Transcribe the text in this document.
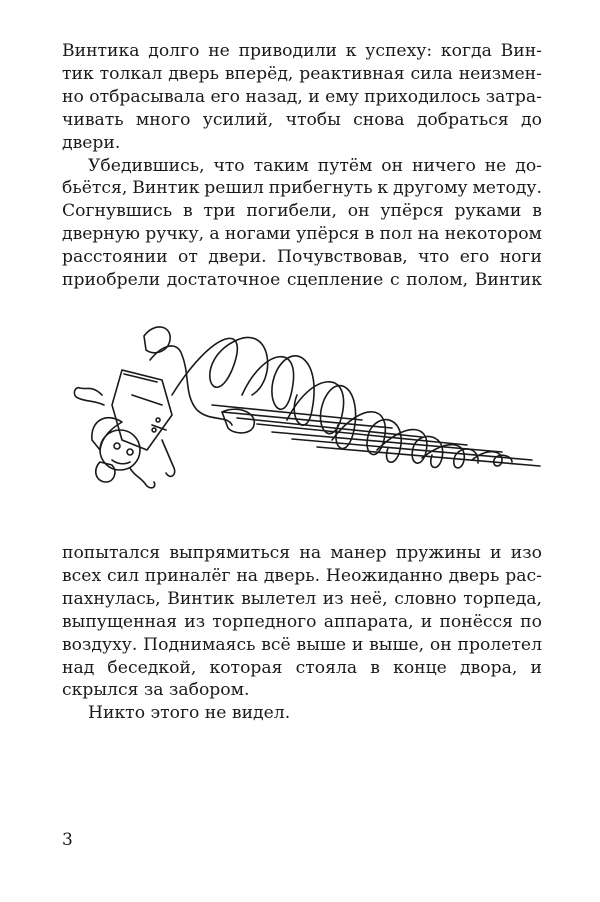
Винтика долго не приводили к успеху: когда Вин-
тик толкал дверь вперёд, реактивная сила неизмен-
но отбрасывала его назад, и ему приходилось затра-
чивать много усилий, чтобы снова добраться до
двери.
Убедившись, что таким путём он ничего не до-
бьётся, Винтик решил прибегнуть к другому методу.
Согнувшись в три погибели, он упёрся руками в
дверную ручку, а ногами упёрся в пол на некотором
расстоянии от двери. Почувствовав, что его ноги
приобрели достаточное сцепление с полом, Винтик
попытался выпрямиться на манер пружины и изо
всех сил приналёг на дверь. Неожиданно дверь рас-
пахнулась, Винтик вылетел из неё, словно торпеда,
выпущенная из торпедного аппарата, и понёсся по
воздуху. Поднимаясь всё выше и выше, он пролетел
над беседкой, которая стояла в конце двора, и
скрылся за забором.
Никто этого не видел.
3
